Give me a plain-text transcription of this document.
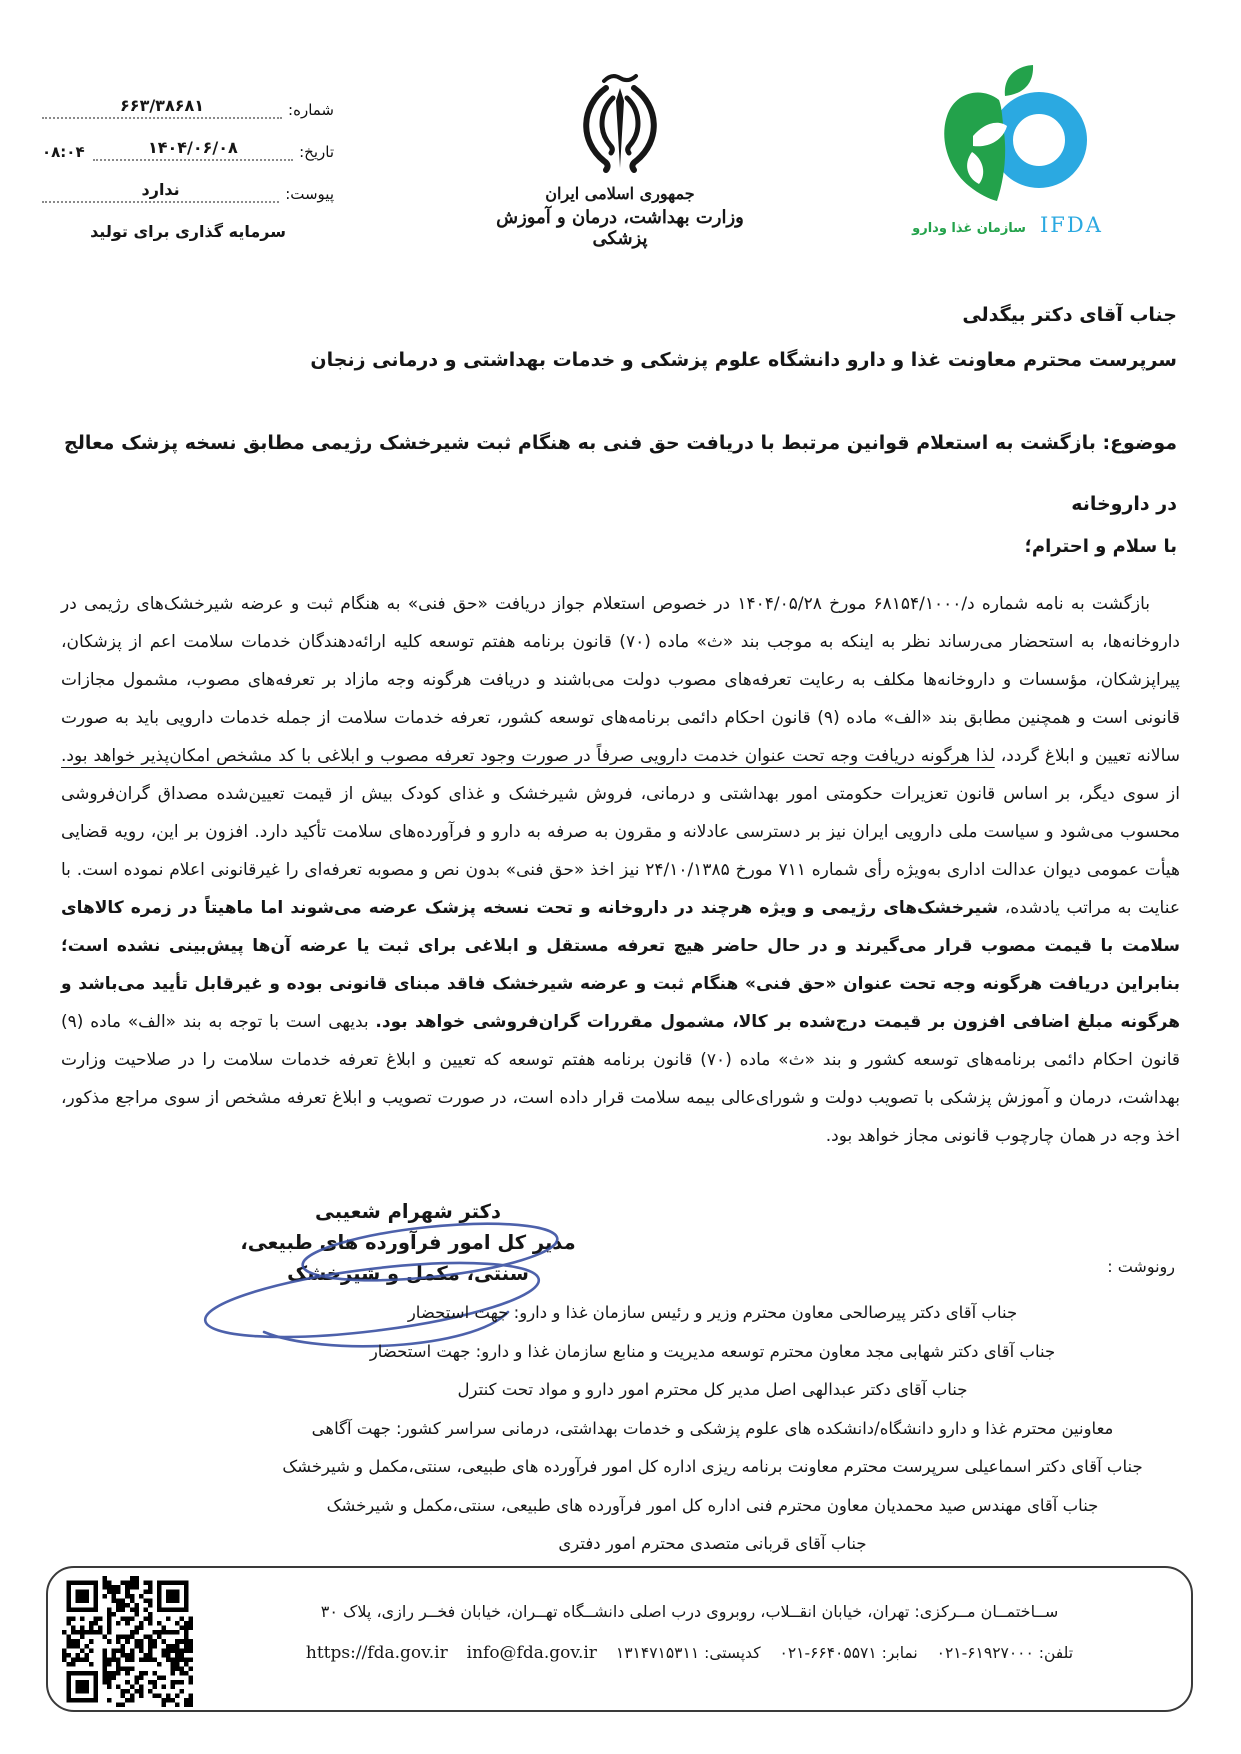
شماره:
۶۶۳/۳۸۶۸۱
تاریخ:
۱۴۰۴/۰۶/۰۸
۰۸:۰۴
پیوست:
ندارد
سرمایه گذاری برای تولید
جمهوری اسلامی ایران
وزارت بهداشت، درمان و آموزش پزشکی	سازمان غذا ودارو IFDA
جناب آقای دکتر بیگدلی
سرپرست محترم معاونت غذا و دارو دانشگاه علوم پزشکی و خدمات بهداشتی و درمانی زنجان
موضوع: بازگشت به استعلام قوانین مرتبط با دریافت حق فنی به هنگام ثبت شیرخشک رژیمی مطابق نسخه پزشک معالج در داروخانه
با سلام و احترام؛
بازگشت به نامه شماره د/۶۸۱۵۴/۱۰۰۰ مورخ ۱۴۰۴/۰۵/۲۸ در خصوص استعلام جواز دریافت «حق فنی» به هنگام ثبت و عرضه شیرخشک‌های رژیمی در داروخانه‌ها، به استحضار می‌رساند نظر به اینکه به موجب بند «ث» ماده (۷۰) قانون برنامه هفتم توسعه کلیه ارائه‌دهندگان خدمات سلامت اعم از پزشکان، پیراپزشکان، مؤسسات و داروخانه‌ها مکلف به رعایت تعرفه‌های مصوب دولت می‌باشند و دریافت هرگونه وجه مازاد بر تعرفه‌های مصوب، مشمول مجازات قانونی است و همچنین مطابق بند «الف» ماده (۹) قانون احکام دائمی برنامه‌های توسعه کشور، تعرفه خدمات سلامت از جمله خدمات دارویی باید به صورت سالانه تعیین و ابلاغ گردد، لذا هرگونه دریافت وجه تحت عنوان خدمت دارویی صرفاً در صورت وجود تعرفه مصوب و ابلاغی با کد مشخص امکان‌پذیر خواهد بود. از سوی دیگر، بر اساس قانون تعزیرات حکومتی امور بهداشتی و درمانی، فروش شیرخشک و غذای کودک بیش از قیمت تعیین‌شده مصداق گران‌فروشی محسوب می‌شود و سیاست ملی دارویی ایران نیز بر دسترسی عادلانه و مقرون به صرفه به دارو و فرآورده‌های سلامت تأکید دارد. افزون بر این، رویه قضایی هیأت عمومی دیوان عدالت اداری به‌ویژه رأی شماره ۷۱۱ مورخ ۲۴/۱۰/۱۳۸۵ نیز اخذ «حق فنی» بدون نص و مصوبه تعرفه‌ای را غیرقانونی اعلام نموده است. با عنایت به مراتب یادشده، شیرخشک‌های رژیمی و ویژه هرچند در داروخانه و تحت نسخه پزشک عرضه می‌شوند اما ماهیتاً در زمره کالاهای سلامت با قیمت مصوب قرار می‌گیرند و در حال حاضر هیچ تعرفه مستقل و ابلاغی برای ثبت یا عرضه آن‌ها پیش‌بینی نشده است؛ بنابراین دریافت هرگونه وجه تحت عنوان «حق فنی» هنگام ثبت و عرضه شیرخشک فاقد مبنای قانونی بوده و غیرقابل تأیید می‌باشد و هرگونه مبلغ اضافی افزون بر قیمت درج‌شده بر کالا، مشمول مقررات گران‌فروشی خواهد بود. بدیهی است با توجه به بند «الف» ماده (۹) قانون احکام دائمی برنامه‌های توسعه کشور و بند «ث» ماده (۷۰) قانون برنامه هفتم توسعه که تعیین و ابلاغ تعرفه خدمات سلامت را در صلاحیت وزارت بهداشت، درمان و آموزش پزشکی با تصویب دولت و شورای‌عالی بیمه سلامت قرار داده است، در صورت تصویب و ابلاغ تعرفه مشخص از سوی مراجع مذکور، اخذ وجه در همان چارچوب قانونی مجاز خواهد بود.
دکتر شهرام شعیبی
مدیر کل امور فرآورده های طبیعی،
سنتی، مکمل و شیرخشک	رونوشت :
جناب آقای دکتر پیرصالحی معاون محترم وزیر و رئیس سازمان غذا و دارو: جهت استحضار
جناب آقای دکتر شهابی مجد معاون محترم توسعه مدیریت و منابع سازمان غذا و دارو: جهت استحضار
جناب آقای دکتر عبدالهی اصل مدیر کل محترم امور دارو و مواد تحت کنترل
معاونین محترم غذا و دارو دانشگاه/دانشکده های علوم پزشکی و خدمات بهداشتی، درمانی سراسر کشور: جهت آگاهی
جناب آقای دکتر اسماعیلی سرپرست محترم معاونت برنامه ریزی اداره کل امور فرآورده های طبیعی، سنتی،مکمل و شیرخشک
جناب آقای مهندس صید محمدیان معاون محترم فنی اداره کل امور فرآورده های طبیعی، سنتی،مکمل و شیرخشک
جناب آقای قربانی متصدی محترم امور دفتری
ســاختمــان مــرکزی: تهران، خیابان انقــلاب، روبروی درب اصلی دانشــگاه تهــران، خیابان فخــر رازی، پلاک ۳۰
تلفن: ۰۲۱-۶۱۹۲۷۰۰۰ نمابر: ۰۲۱-۶۶۴۰۵۵۷۱ کدپستی: ۱۳۱۴۷۱۵۳۱۱ info@fda.gov.ir https://fda.gov.ir
